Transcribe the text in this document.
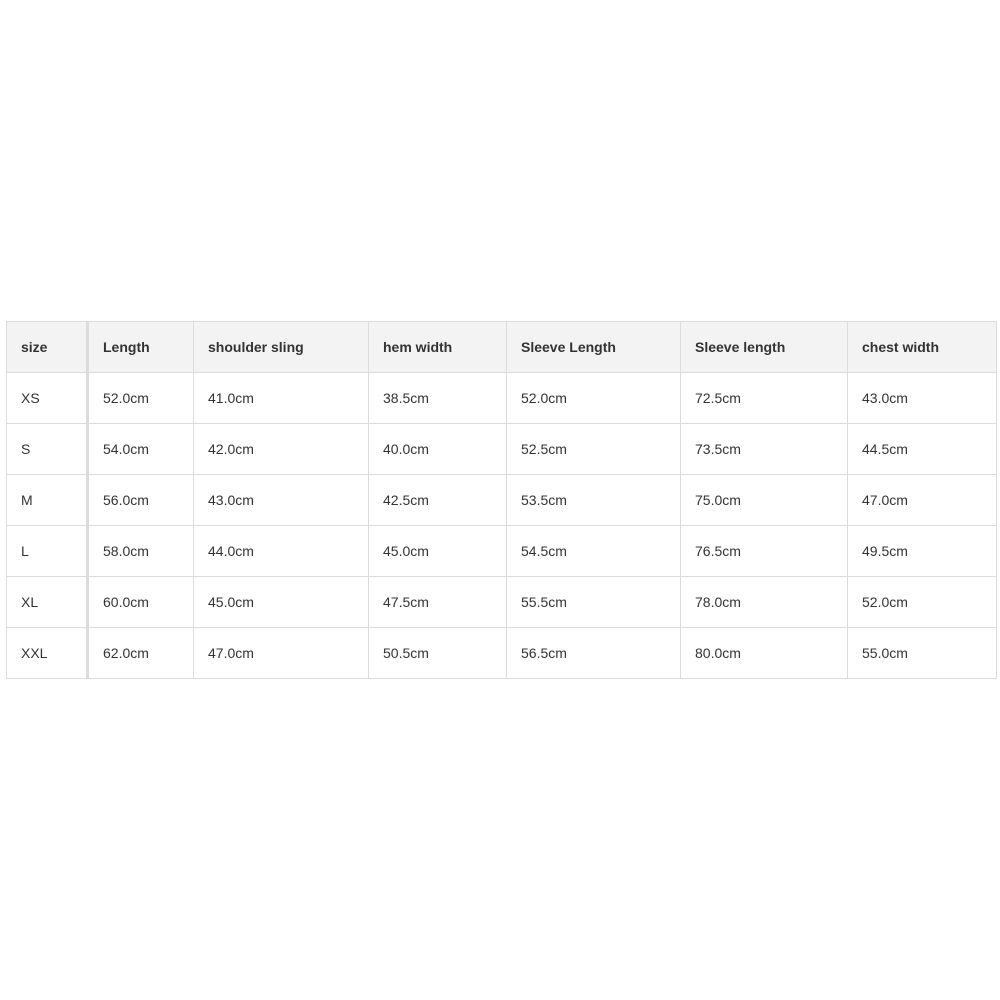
size	Length	shoulder sling	hem width	Sleeve Length	Sleeve length	chest width
XS	52.0cm	41.0cm	38.5cm	52.0cm	72.5cm	43.0cm
S	54.0cm	42.0cm	40.0cm	52.5cm	73.5cm	44.5cm
M	56.0cm	43.0cm	42.5cm	53.5cm	75.0cm	47.0cm
L	58.0cm	44.0cm	45.0cm	54.5cm	76.5cm	49.5cm
XL	60.0cm	45.0cm	47.5cm	55.5cm	78.0cm	52.0cm
XXL	62.0cm	47.0cm	50.5cm	56.5cm	80.0cm	55.0cm
